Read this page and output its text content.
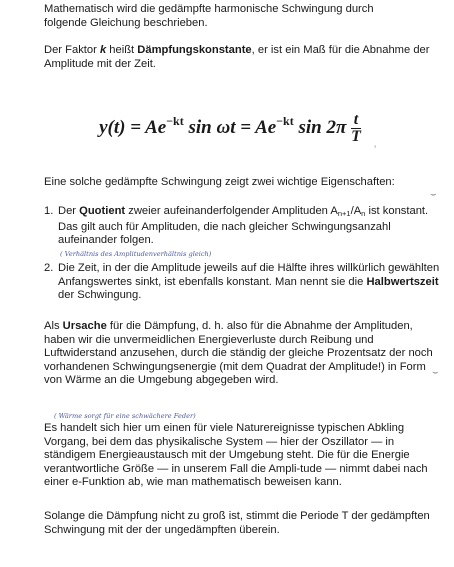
Mathematisch wird die gedämpfte harmonische Schwingung durch
folgende Gleichung beschrieben.

Der Faktor k heißt Dämpfungskonstante, er ist ein Maß für die Abnahme der Amplitude mit der Zeit.

$y(t) = Ae^{-kt}$ $\sin \omega t = Ae^{-kt}$ $\sin 2\pi \frac{t}{T}$
ʼ

Eine solche gedämpfte Schwingung zeigt zwei wichtige Eigenschaften:

⌣
1. Der Quotient zweier aufeinanderfolgender Amplituden $A_{n+1}/A_n$ ist konstant. Das gilt auch für Amplituden, die nach gleicher Schwingungsanzahl aufeinander folgen.
( Verhältnis des Amplitudenverhältnis gleich)
2. Die Zeit, in der die Amplitude jeweils auf die Hälfte ihres willkürlich gewählten Anfangswertes sinkt, ist ebenfalls konstant. Man nennt sie die Halbwertszeit der Schwingung.

Als Ursache für die Dämpfung, d. h. also für die Abnahme der Amplituden, haben wir die unvermeidlichen Energieverluste durch Reibung und Luftwiderstand anzusehen, durch die ständig der gleiche Prozentsatz der noch vorhandenen Schwingungsenergie (mit dem Quadrat der Amplitude!) in Form von Wärme an die Umgebung abgegeben wird.

⌣
( Wärme sorgt für eine schwächere Feder)

Es handelt sich hier um einen für viele Naturereignisse typischen Abkling Vorgang, bei dem das physikalische System — hier der Oszillator — in ständigem Energieaustausch mit der Umgebung steht. Die für die Energie verantwortliche Größe — in unserem Fall die Ampli-tude — nimmt dabei nach einer e-Funktion ab, wie man mathematisch beweisen kann.

Solange die Dämpfung nicht zu groß ist, stimmt die Periode T der gedämpften Schwingung mit der der ungedämpften überein.
